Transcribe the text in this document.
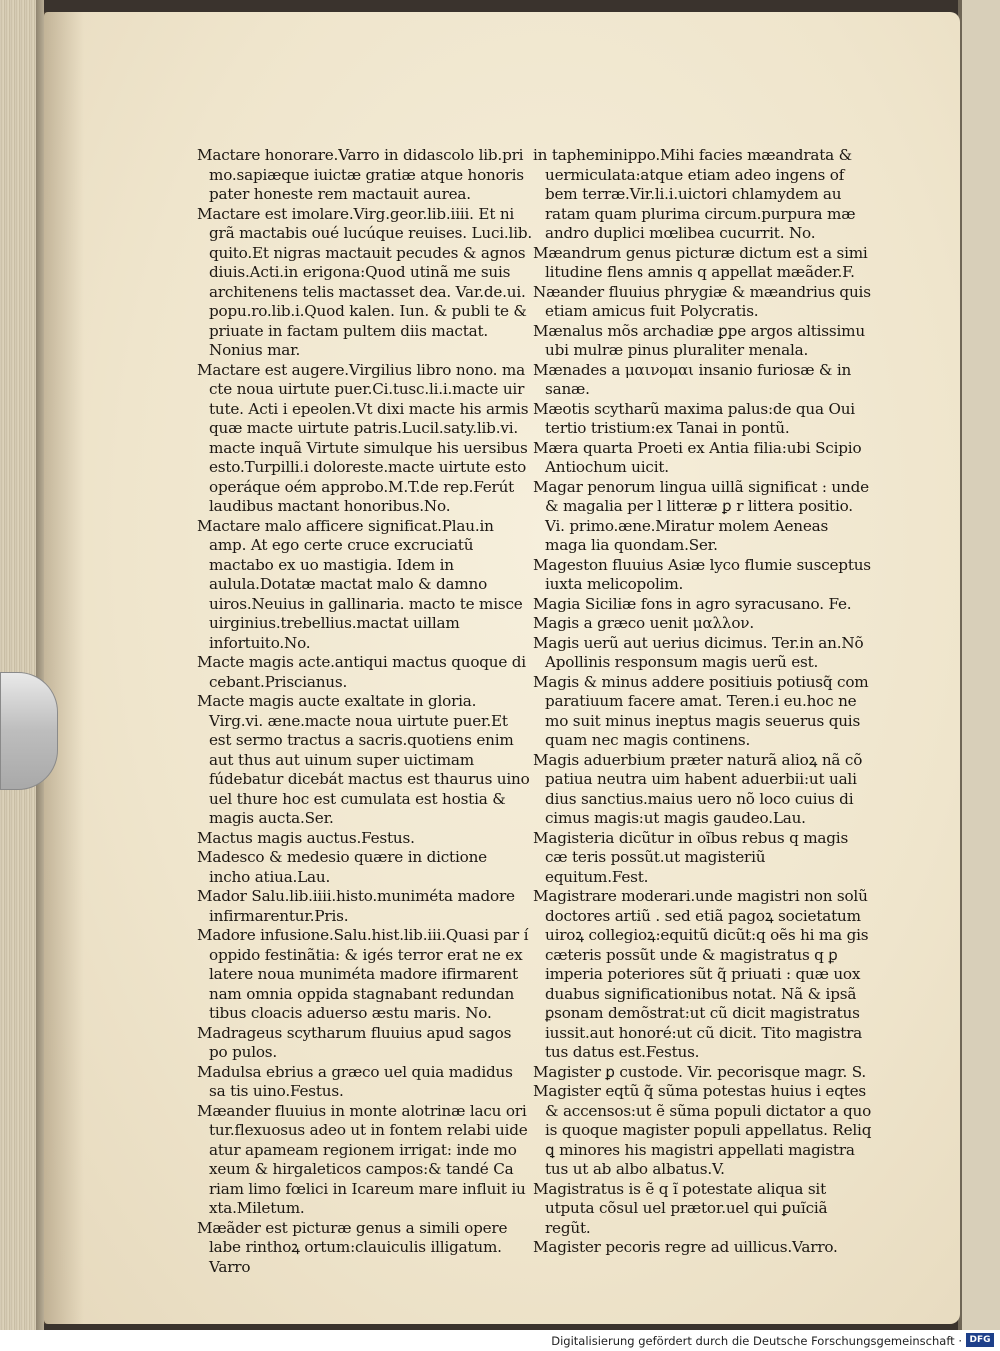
Mactare honorare.Varro in didascolo lib.pri mo.sapiæque iuictæ gratiæ atque honoris pater honeste rem mactauit aurea.

Mactare est imolare.Virg.geor.lib.iiii. Et ni grã mactabis oué lucúque reuises. Luci.lib. quito.Et nigras mactauit pecudes & agnos diuis.Acti.in erigona:Quod utinã me suis architenens telis mactasset dea. Var.de.ui. popu.ro.lib.i.Quod kalen. Iun. & publi te & priuate in factam pultem diis mactat. Nonius mar.

Mactare est augere.Virgilius libro nono. ma cte noua uirtute puer.Ci.tusc.li.i.macte uir tute. Acti i epeolen.Vt dixi macte his armis quæ macte uirtute patris.Lucil.saty.lib.vi. macte inquã Virtute simulque his uersibus esto.Turpilli.i doloreste.macte uirtute esto operáque oém approbo.M.T.de rep.Ferút laudibus mactant honoribus.No.

Mactare malo afficere significat.Plau.in amp. At ego certe cruce excruciatũ mactabo ex uo mastigia. Idem in aulula.Dotatæ mactat malo & damno uiros.Neuius in gallinaria. macto te misce uirginius.trebellius.mactat uillam infortuito.No.

Macte magis acte.antiqui mactus quoque di cebant.Priscianus.

Macte magis aucte exaltate in gloria. Virg.vi. æne.macte noua uirtute puer.Et est sermo tractus a sacris.quotiens enim aut thus aut uinum super uictimam fúdebatur dicebát mactus est thaurus uino uel thure hoc est cumulata est hostia & magis aucta.Ser.

Mactus magis auctus.Festus.

Madesco & medesio quære in dictione incho atiua.Lau.

Mador Salu.lib.iiii.histo.muniméta madore infirmarentur.Pris.

Madore infusione.Salu.hist.lib.iii.Quasi par í oppido festinãtia: & igés terror erat ne ex latere noua muniméta madore ifirmarent nam omnia oppida stagnabant redundan tibus cloacis aduerso æstu maris. No.

Madrageus scytharum fluuius apud sagos po pulos.

Madulsa ebrius a græco uel quia madidus sa tis uino.Festus.

Mæander fluuius in monte alotrinæ lacu ori tur.flexuosus adeo ut in fontem relabi uide atur apameam regionem irrigat: inde mo xeum & hirgaleticos campos:& tandé Ca riam limo fœlici in Icareum mare influit iu xta.Miletum.

Mæãder est picturæ genus a simili opere labe rinthoꝝ ortum:clauiculis illigatum. Varro

in tapheminippo.Mihi facies mæandrata & uermiculata:atque etiam adeo ingens of bem terræ.Vir.li.i.uictori chlamydem au ratam quam plurima circum.purpura mæ andro duplici mœlibea cucurrit. No.

Mæandrum genus picturæ dictum est a simi litudine flens amnis q appellat mæãder.F.

Næander fluuius phrygiæ & mæandrius quis etiam amicus fuit Polycratis.

Mænalus mõs archadiæ ꝑpe argos altissimu ubi mulræ pinus pluraliter menala.

Mænades a μαινομαι insanio furiosæ & in sanæ.

Mæotis scytharũ maxima palus:de qua Oui tertio tristium:ex Tanai in pontũ.

Mæra quarta Proeti ex Antia filia:ubi Scipio Antiochum uicit.

Magar penorum lingua uillã significat : unde & magalia per l litteræ ꝑ r littera positio. Vi. primo.æne.Miratur molem Aeneas maga lia quondam.Ser.

Mageston fluuius Asiæ lyco flumie susceptus iuxta melicopolim.

Magia Siciliæ fons in agro syracusano. Fe.

Magis a græco uenit μαλλον.

Magis uerũ aut uerius dicimus. Ter.in an.Nõ Apollinis responsum magis uerũ est.

Magis & minus addere positiuis potiusq̃ com paratiuum facere amat. Teren.i eu.hoc ne mo suit minus ineptus magis seuerus quis quam nec magis continens.

Magis aduerbium præter naturã alioꝝ nã cõ patiua neutra uim habent aduerbii:ut uali dius sanctius.maius uero nõ loco cuius di cimus magis:ut magis gaudeo.Lau.

Magisteria dicũtur in oĩbus rebus q magis cæ teris possũt.ut magisteriũ equitum.Fest.

Magistrare moderari.unde magistri non solũ doctores artiũ . sed etiã pagoꝝ societatum uiroꝝ collegioꝝ:equitũ dicũt:q oẽs hi ma gis cæteris possũt unde & magistratus q ꝑ imperia poteriores sũt q̃ priuati : quæ uox duabus significationibus notat. Nã & ipsã ꝑsonam demõstrat:ut cũ dicit magistratus iussit.aut honoré:ut cũ dicit. Tito magistra tus datus est.Festus.

Magister ꝑ custode. Vir. pecorisque magr. S.

Magister eqtũ q̃ sũma potestas huius i eqtes & accensos:ut ẽ sũma populi dictator a quo is quoque magister populi appellatus. Reliq ꝗ minores his magistri appellati magistra tus ut ab albo albatus.V.

Magistratus is ẽ q ĩ potestate aliqua sit utputa cõsul uel prætor.uel qui ꝑuĩciã regũt.

Magister pecoris regre ad uillicus.Varro.

Digitalisierung gefördert durch die Deutsche Forschungsgemeinschaft · DFG
